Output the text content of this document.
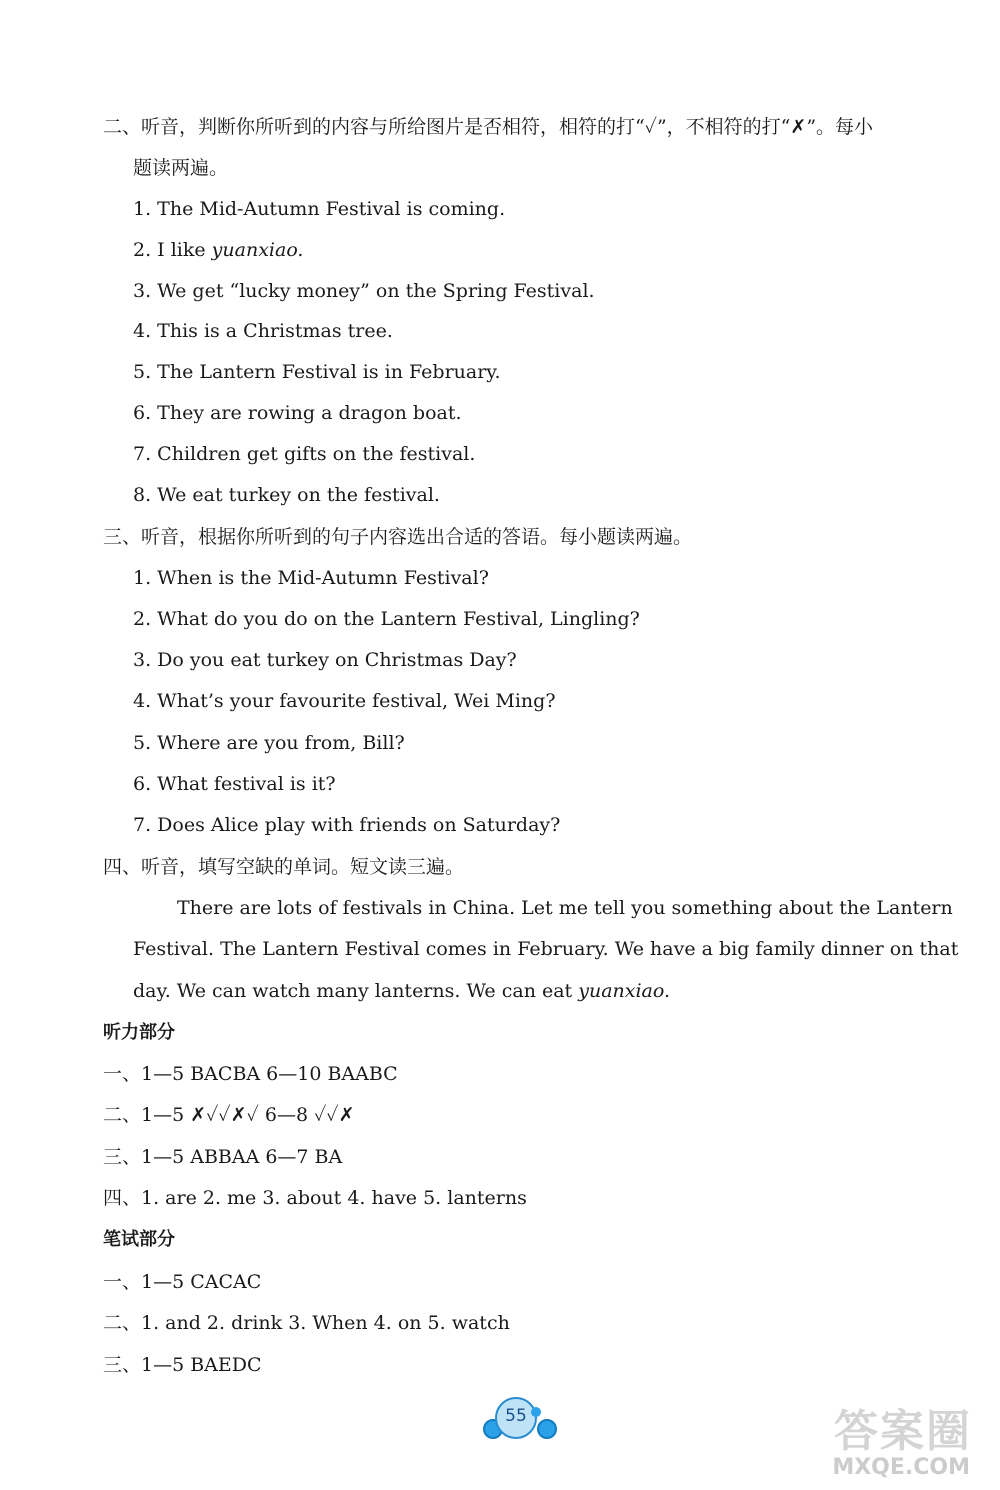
二、听音，判断你所听到的内容与所给图片是否相符，相符的打“✓”，不相符的打“✗”。每小
题读两遍。
1. The Mid-Autumn Festival is coming.
2. I like yuanxiao.
3. We get “lucky money” on the Spring Festival.
4. This is a Christmas tree.
5. The Lantern Festival is in February.
6. They are rowing a dragon boat.
7. Children get gifts on the festival.
8. We eat turkey on the festival.
三、听音，根据你所听到的句子内容选出合适的答语。每小题读两遍。
1. When is the Mid-Autumn Festival?
2. What do you do on the Lantern Festival, Lingling?
3. Do you eat turkey on Christmas Day?
4. What’s your favourite festival, Wei Ming?
5. Where are you from, Bill?
6. What festival is it?
7. Does Alice play with friends on Saturday?
四、听音，填写空缺的单词。短文读三遍。
There are lots of festivals in China. Let me tell you something about the Lantern
Festival. The Lantern Festival comes in February. We have a big family dinner on that
day. We can watch many lanterns. We can eat yuanxiao.
听力部分
一、1—5 BACBA 6—10 BAABC
二、1—5 ✗✓✓✗✓ 6—8 ✓✓✗
三、1—5 ABBAA 6—7 BA
四、1. are 2. me 3. about 4. have 5. lanterns
笔试部分
一、1—5 CACAC
二、1. and 2. drink 3. When 4. on 5. watch
三、1—5 BAEDC
55	答案圈
MXQE.COM
